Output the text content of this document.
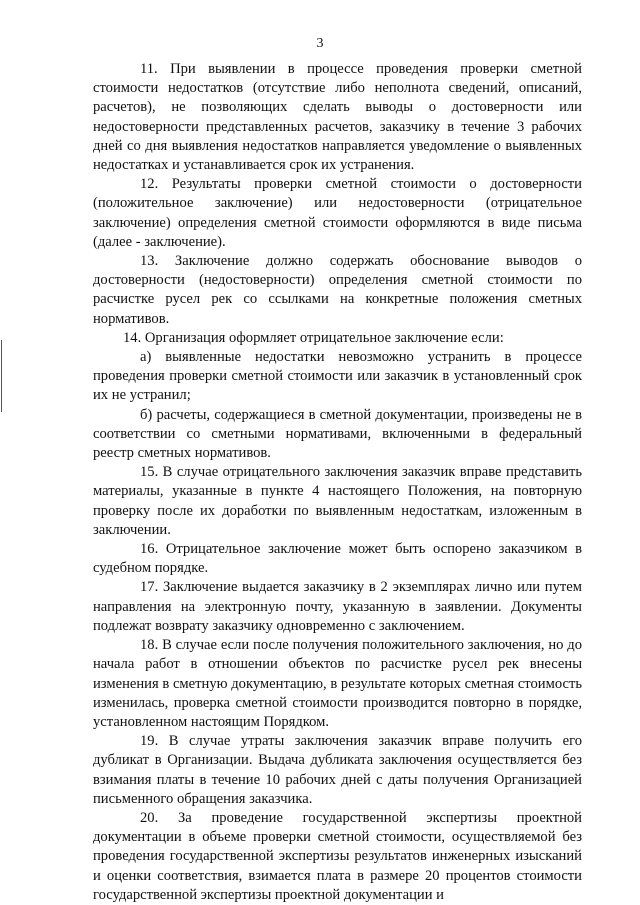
3

11. При выявлении в процессе проведения проверки сметной стоимости недостатков (отсутствие либо неполнота сведений, описаний, расчетов), не позволяющих сделать выводы о достоверности или недостоверности представленных расчетов, заказчику в течение 3 рабочих дней со дня выявления недостатков направляется уведомление о выявленных недостатках и устанавливается срок их устранения.

12. Результаты проверки сметной стоимости о достоверности (положительное заключение) или недостоверности (отрицательное заключение) определения сметной стоимости оформляются в виде письма (далее - заключение).

13. Заключение должно содержать обоснование выводов о достоверности (недостоверности) определения сметной стоимости по расчистке русел рек со ссылками на конкретные положения сметных нормативов.

14. Организация оформляет отрицательное заключение если:

а) выявленные недостатки невозможно устранить в процессе проведения проверки сметной стоимости или заказчик в установленный срок их не устранил;

б) расчеты, содержащиеся в сметной документации, произведены не в соответствии со сметными нормативами, включенными в федеральный реестр сметных нормативов.

15. В случае отрицательного заключения заказчик вправе представить материалы, указанные в пункте 4 настоящего Положения, на повторную проверку после их доработки по выявленным недостаткам, изложенным в заключении.

16. Отрицательное заключение может быть оспорено заказчиком в судебном порядке.

17. Заключение выдается заказчику в 2 экземплярах лично или путем направления на электронную почту, указанную в заявлении. Документы подлежат возврату заказчику одновременно с заключением.

18. В случае если после получения положительного заключения, но до начала работ в отношении объектов по расчистке русел рек внесены изменения в сметную документацию, в результате которых сметная стоимость изменилась, проверка сметной стоимости производится повторно в порядке, установленном настоящим Порядком.

19. В случае утраты заключения заказчик вправе получить его дубликат в Организации. Выдача дубликата заключения осуществляется без взимания платы в течение 10 рабочих дней с даты получения Организацией письменного обращения заказчика.

20. За проведение государственной экспертизы проектной документации в объеме проверки сметной стоимости, осуществляемой без проведения государственной экспертизы результатов инженерных изысканий и оценки соответствия, взимается плата в размере 20 процентов стоимости государственной экспертизы проектной документации и
